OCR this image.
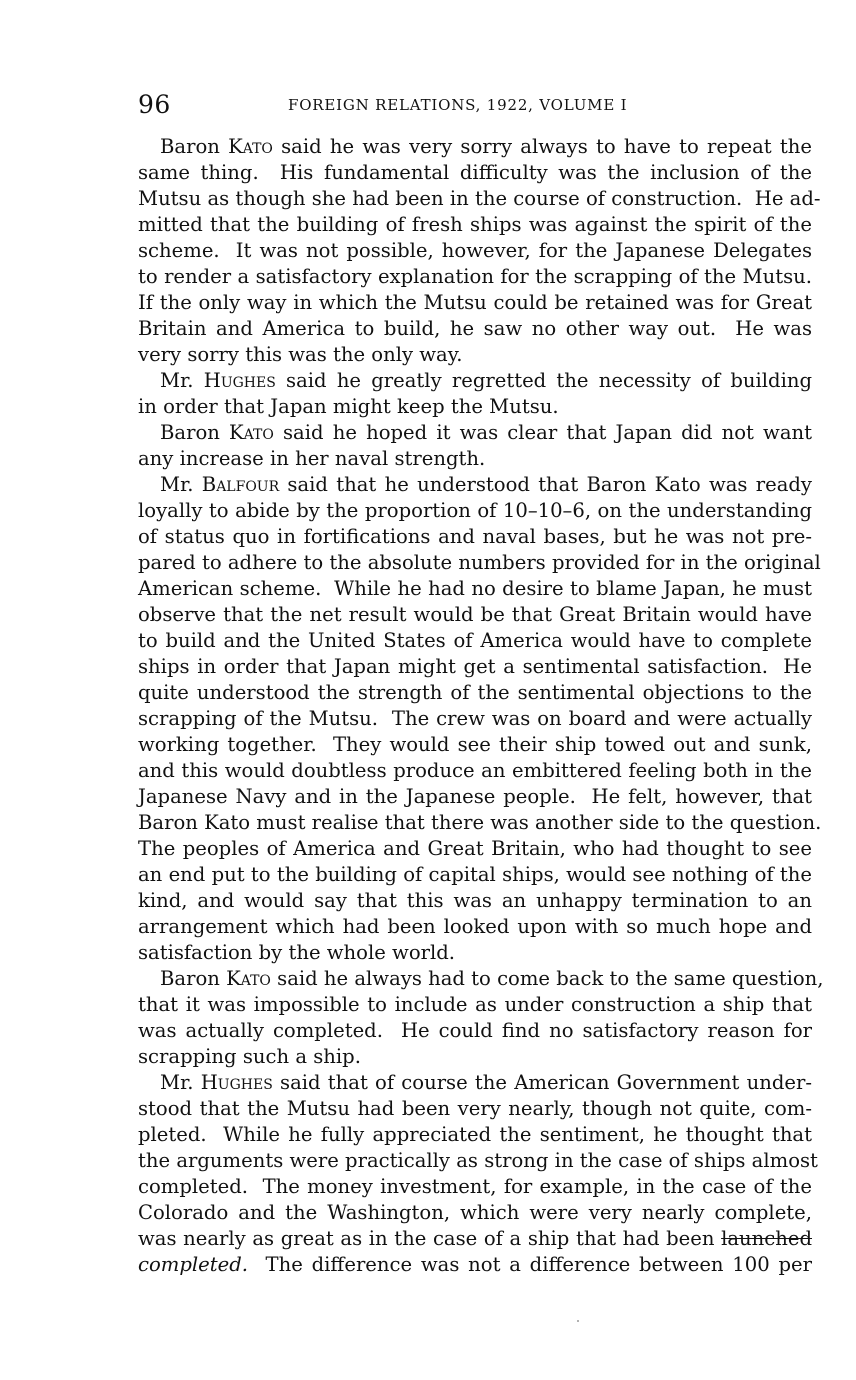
96	FOREIGN RELATIONS, 1922, VOLUME I
Baron Kato said he was very sorry always to have to repeat the
same thing.  His fundamental difficulty was the inclusion of the
Mutsu as though she had been in the course of construction.  He ad-
mitted that the building of fresh ships was against the spirit of the
scheme.  It was not possible, however, for the Japanese Delegates
to render a satisfactory explanation for the scrapping of the Mutsu.
If the only way in which the Mutsu could be retained was for Great
Britain and America to build, he saw no other way out.  He was
very sorry this was the only way.
Mr. Hughes said he greatly regretted the necessity of building
in order that Japan might keep the Mutsu.
Baron Kato said he hoped it was clear that Japan did not want
any increase in her naval strength.
Mr. Balfour said that he understood that Baron Kato was ready
loyally to abide by the proportion of 10–10–6, on the understanding
of status quo in fortifications and naval bases, but he was not pre-
pared to adhere to the absolute numbers provided for in the original
American scheme.  While he had no desire to blame Japan, he must
observe that the net result would be that Great Britain would have
to build and the United States of America would have to complete
ships in order that Japan might get a sentimental satisfaction.  He
quite understood the strength of the sentimental objections to the
scrapping of the Mutsu.  The crew was on board and were actually
working together.  They would see their ship towed out and sunk,
and this would doubtless produce an embittered feeling both in the
Japanese Navy and in the Japanese people.  He felt, however, that
Baron Kato must realise that there was another side to the question.
The peoples of America and Great Britain, who had thought to see
an end put to the building of capital ships, would see nothing of the
kind, and would say that this was an unhappy termination to an
arrangement which had been looked upon with so much hope and
satisfaction by the whole world.
Baron Kato said he always had to come back to the same question,
that it was impossible to include as under construction a ship that
was actually completed.  He could find no satisfactory reason for
scrapping such a ship.
Mr. Hughes said that of course the American Government under-
stood that the Mutsu had been very nearly, though not quite, com-
pleted.  While he fully appreciated the sentiment, he thought that
the arguments were practically as strong in the case of ships almost
completed.  The money investment, for example, in the case of the
Colorado and the Washington, which were very nearly complete,
was nearly as great as in the case of a ship that had been launched
completed.  The difference was not a difference between 100 per
